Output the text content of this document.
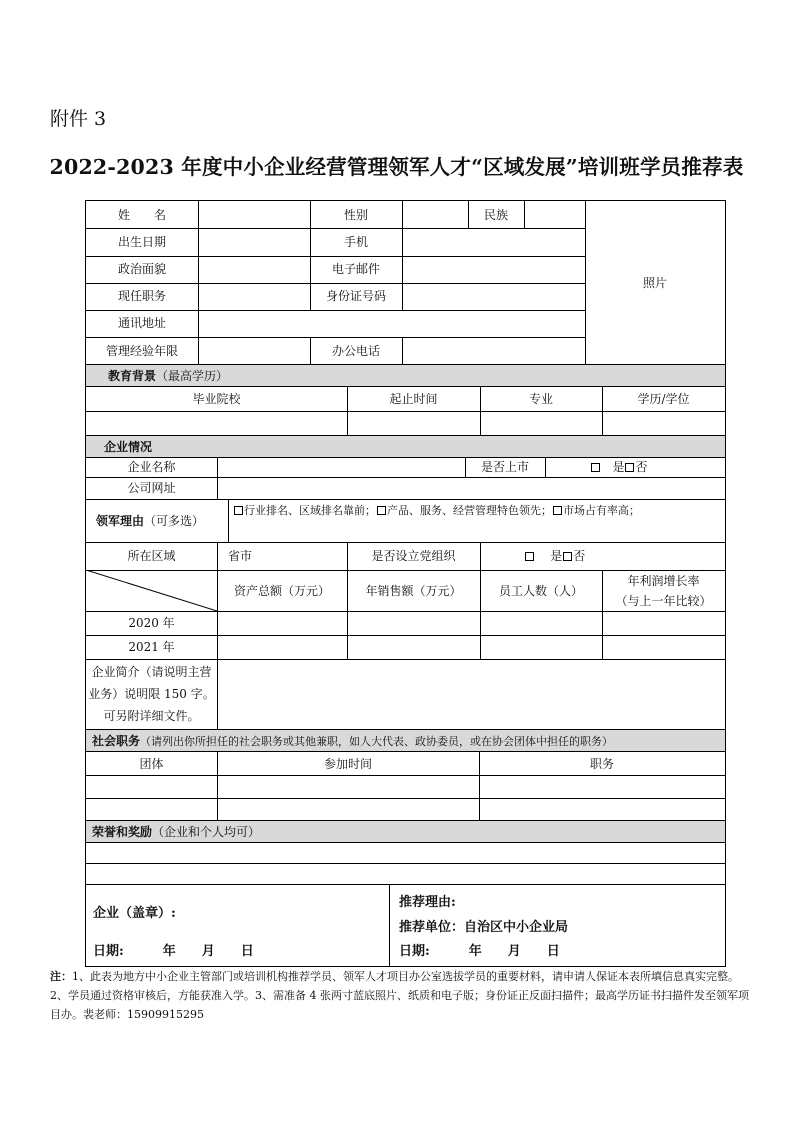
附件 3
2022-2023 年度中小企业经营管理领军人才“区域发展”培训班学员推荐表
姓　　名	性别	民族
照片
出生日期	手机
政治面貌	电子邮件
现任职务	身份证号码
通讯地址
管理经验年限	办公电话
教育背景（最高学历）
毕业院校	起止时间	专业	学历/学位
企业情况
企业名称	是否上市	是 否
公司网址
领军理由（可多选）
行业排名、区域排名靠前； 产品、服务、经营管理特色领先； 市场占有率高；
所在区域	省市	是否设立党组织	是 否
资产总额（万元）	年销售额（万元）	员工人数（人）
年利润增长率
（与上一年比较）
2020 年
2021 年
企业简介（请说明主营
业务）说明限 150 字。
可另附详细文件。
社会职务（请列出你所担任的社会职务或其他兼职，如人大代表、政协委员，或在协会团体中担任的职务）
团体	参加时间	职务
荣誉和奖励（企业和个人均可）
企业（盖章）:
日期:　　　年　　月　　日
推荐理由:
推荐单位：自治区中小企业局
日期:　　　年　　月　　日
注：1、此表为地方中小企业主管部门或培训机构推荐学员、领军人才项目办公室选拔学员的重要材料，请申请人保证本表所填信息真实完整。2、学员通过资格审核后，方能获准入学。3、需准备 4 张两寸蓝底照片、纸质和电子版；身份证正反面扫描件；最高学历证书扫描件发至领军项目办。裴老师：15909915295
